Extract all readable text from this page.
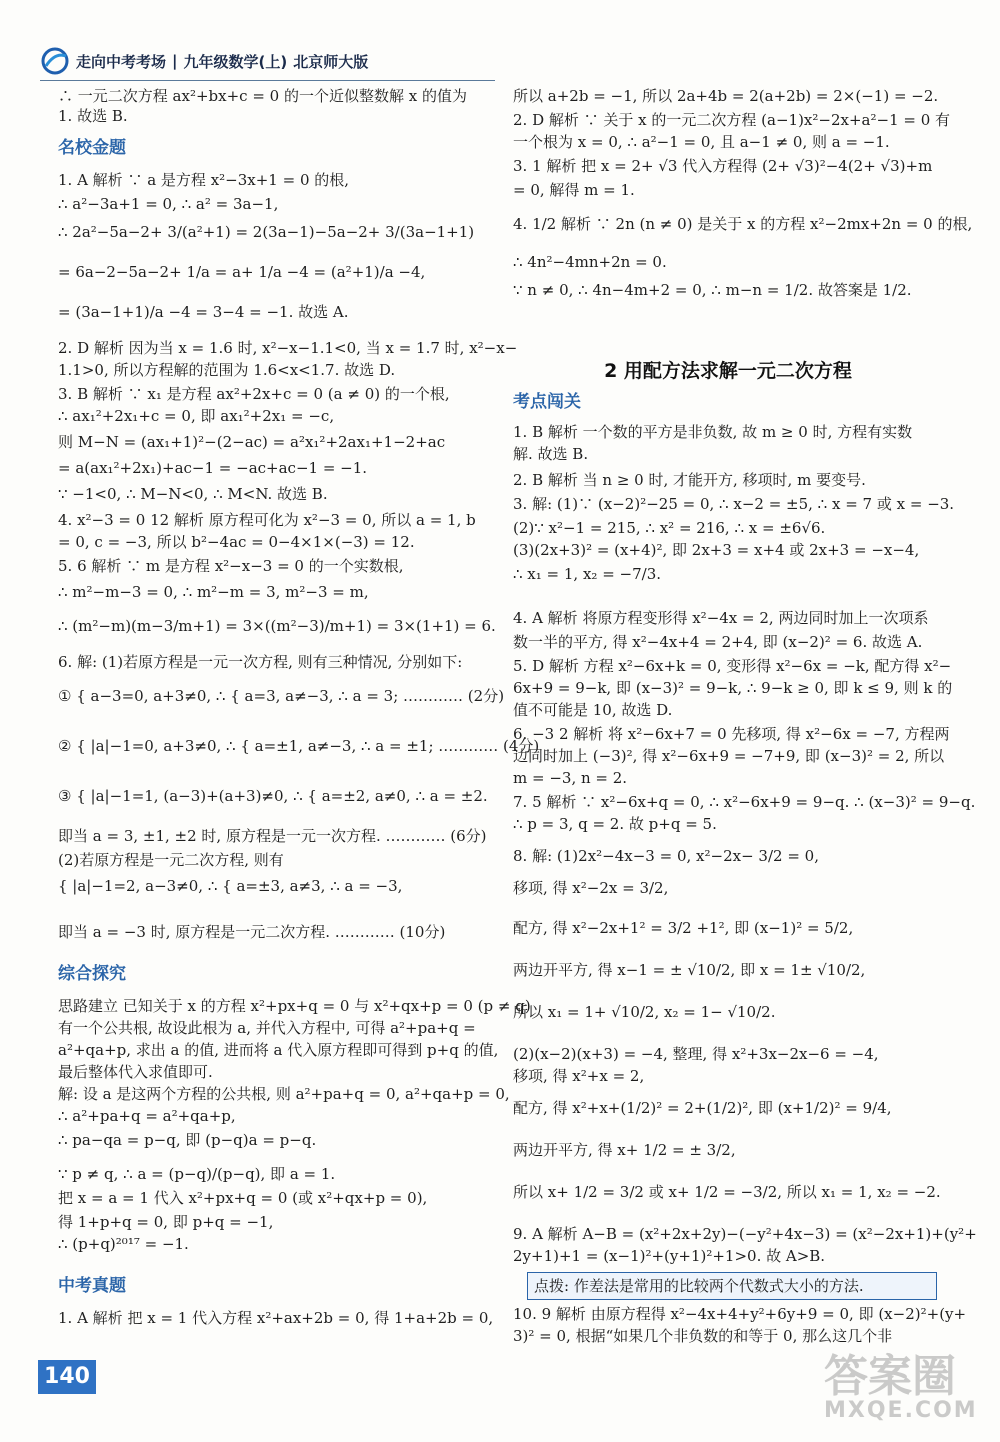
走向中考考场 | 九年级数学(上) 北京师大版
∴ 一元二次方程 ax²+bx+c = 0 的一个近似整数解 x 的值为
1. 故选 B.
名校金题
1. A 解析 ∵ a 是方程 x²−3x+1 = 0 的根,
∴ a²−3a+1 = 0, ∴ a² = 3a−1,
∴ 2a²−5a−2+ 3/(a²+1) = 2(3a−1)−5a−2+ 3/(3a−1+1)
= 6a−2−5a−2+ 1/a = a+ 1/a −4 = (a²+1)/a −4,
= (3a−1+1)/a −4 = 3−4 = −1. 故选 A.
2. D 解析 因为当 x = 1.6 时, x²−x−1.1<0, 当 x = 1.7 时, x²−x−
1.1>0, 所以方程解的范围为 1.6<x<1.7. 故选 D.
3. B 解析 ∵ x₁ 是方程 ax²+2x+c = 0 (a ≠ 0) 的一个根,
∴ ax₁²+2x₁+c = 0, 即 ax₁²+2x₁ = −c,
则 M−N = (ax₁+1)²−(2−ac) = a²x₁²+2ax₁+1−2+ac
= a(ax₁²+2x₁)+ac−1 = −ac+ac−1 = −1.
∵ −1<0, ∴ M−N<0, ∴ M<N. 故选 B.
4. x²−3 = 0 12 解析 原方程可化为 x²−3 = 0, 所以 a = 1, b
= 0, c = −3, 所以 b²−4ac = 0−4×1×(−3) = 12.
5. 6 解析 ∵ m 是方程 x²−x−3 = 0 的一个实数根,
∴ m²−m−3 = 0, ∴ m²−m = 3, m²−3 = m,
∴ (m²−m)(m−3/m+1) = 3×((m²−3)/m+1) = 3×(1+1) = 6.
6. 解: (1)若原方程是一元一次方程, 则有三种情况, 分别如下:
① { a−3=0, a+3≠0, ∴ { a=3, a≠−3, ∴ a = 3; ………… (2分)
② { |a|−1=0, a+3≠0, ∴ { a=±1, a≠−3, ∴ a = ±1; ………… (4分)
③ { |a|−1=1, (a−3)+(a+3)≠0, ∴ { a=±2, a≠0, ∴ a = ±2.
即当 a = 3, ±1, ±2 时, 原方程是一元一次方程. ………… (6分)
(2)若原方程是一元二次方程, 则有
{ |a|−1=2, a−3≠0, ∴ { a=±3, a≠3, ∴ a = −3,
即当 a = −3 时, 原方程是一元二次方程. ………… (10分)
综合探究
思路建立 已知关于 x 的方程 x²+px+q = 0 与 x²+qx+p = 0 (p ≠ q)
有一个公共根, 故设此根为 a, 并代入方程中, 可得 a²+pa+q =
a²+qa+p, 求出 a 的值, 进而将 a 代入原方程即可得到 p+q 的值,
最后整体代入求值即可.
解: 设 a 是这两个方程的公共根, 则 a²+pa+q = 0, a²+qa+p = 0,
∴ a²+pa+q = a²+qa+p,
∴ pa−qa = p−q, 即 (p−q)a = p−q.
∵ p ≠ q, ∴ a = (p−q)/(p−q), 即 a = 1.
把 x = a = 1 代入 x²+px+q = 0 (或 x²+qx+p = 0),
得 1+p+q = 0, 即 p+q = −1,
∴ (p+q)²⁰¹⁷ = −1.
中考真题
1. A 解析 把 x = 1 代入方程 x²+ax+2b = 0, 得 1+a+2b = 0,
所以 a+2b = −1, 所以 2a+4b = 2(a+2b) = 2×(−1) = −2.
2. D 解析 ∵ 关于 x 的一元二次方程 (a−1)x²−2x+a²−1 = 0 有
一个根为 x = 0, ∴ a²−1 = 0, 且 a−1 ≠ 0, 则 a = −1.
3. 1 解析 把 x = 2+ √3 代入方程得 (2+ √3)²−4(2+ √3)+m
= 0, 解得 m = 1.
4. 1/2 解析 ∵ 2n (n ≠ 0) 是关于 x 的方程 x²−2mx+2n = 0 的根,
∴ 4n²−4mn+2n = 0.
∵ n ≠ 0, ∴ 4n−4m+2 = 0, ∴ m−n = 1/2. 故答案是 1/2.
2 用配方法求解一元二次方程
考点闯关
1. B 解析 一个数的平方是非负数, 故 m ≥ 0 时, 方程有实数
解. 故选 B.
2. B 解析 当 n ≥ 0 时, 才能开方, 移项时, m 要变号.
3. 解: (1)∵ (x−2)²−25 = 0, ∴ x−2 = ±5, ∴ x = 7 或 x = −3.
(2)∵ x²−1 = 215, ∴ x² = 216, ∴ x = ±6√6.
(3)(2x+3)² = (x+4)², 即 2x+3 = x+4 或 2x+3 = −x−4,
∴ x₁ = 1, x₂ = −7/3.
4. A 解析 将原方程变形得 x²−4x = 2, 两边同时加上一次项系
数一半的平方, 得 x²−4x+4 = 2+4, 即 (x−2)² = 6. 故选 A.
5. D 解析 方程 x²−6x+k = 0, 变形得 x²−6x = −k, 配方得 x²−
6x+9 = 9−k, 即 (x−3)² = 9−k, ∴ 9−k ≥ 0, 即 k ≤ 9, 则 k 的
值不可能是 10, 故选 D.
6. −3 2 解析 将 x²−6x+7 = 0 先移项, 得 x²−6x = −7, 方程两
边同时加上 (−3)², 得 x²−6x+9 = −7+9, 即 (x−3)² = 2, 所以
m = −3, n = 2.
7. 5 解析 ∵ x²−6x+q = 0, ∴ x²−6x+9 = 9−q. ∴ (x−3)² = 9−q.
∴ p = 3, q = 2. 故 p+q = 5.
8. 解: (1)2x²−4x−3 = 0, x²−2x− 3/2 = 0,
移项, 得 x²−2x = 3/2,
配方, 得 x²−2x+1² = 3/2 +1², 即 (x−1)² = 5/2,
两边开平方, 得 x−1 = ± √10/2, 即 x = 1± √10/2,
所以 x₁ = 1+ √10/2, x₂ = 1− √10/2.
(2)(x−2)(x+3) = −4, 整理, 得 x²+3x−2x−6 = −4,
移项, 得 x²+x = 2,
配方, 得 x²+x+(1/2)² = 2+(1/2)², 即 (x+1/2)² = 9/4,
两边开平方, 得 x+ 1/2 = ± 3/2,
所以 x+ 1/2 = 3/2 或 x+ 1/2 = −3/2, 所以 x₁ = 1, x₂ = −2.
9. A 解析 A−B = (x²+2x+2y)−(−y²+4x−3) = (x²−2x+1)+(y²+
2y+1)+1 = (x−1)²+(y+1)²+1>0. 故 A>B.
点拨: 作差法是常用的比较两个代数式大小的方法.
10. 9 解析 由原方程得 x²−4x+4+y²+6y+9 = 0, 即 (x−2)²+(y+
3)² = 0, 根据“如果几个非负数的和等于 0, 那么这几个非
140	答案圈
MXQE.COM
